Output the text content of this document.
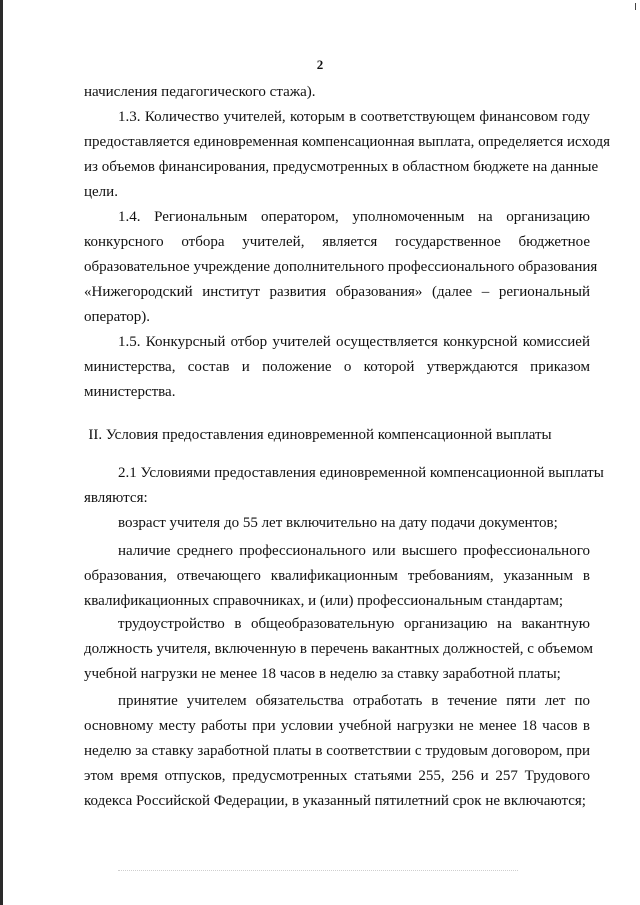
2
начисления педагогического стажа).
1.3. Количество учителей, которым в соответствующем финансовом году
предоставляется единовременная компенсационная выплата, определяется исходя
из объемов финансирования, предусмотренных в областном бюджете на данные
цели.
1.4. Региональным оператором, уполномоченным на организацию
конкурсного отбора учителей, является государственное бюджетное
образовательное учреждение дополнительного профессионального образования
«Нижегородский институт развития образования» (далее – региональный
оператор).
1.5. Конкурсный отбор учителей осуществляется конкурсной комиссией
министерства, состав и положение о которой утверждаются приказом
министерства.
II. Условия предоставления единовременной компенсационной выплаты
2.1 Условиями предоставления единовременной компенсационной выплаты
являются:
возраст учителя до 55 лет включительно на дату подачи документов;
наличие среднего профессионального или высшего профессионального
образования, отвечающего квалификационным требованиям, указанным в
квалификационных справочниках, и (или) профессиональным стандартам;
трудоустройство в общеобразовательную организацию на вакантную
должность учителя, включенную в перечень вакантных должностей, с объемом
учебной нагрузки не менее 18 часов в неделю за ставку заработной платы;
принятие учителем обязательства отработать в течение пяти лет по
основному месту работы при условии учебной нагрузки не менее 18 часов в
неделю за ставку заработной платы в соответствии с трудовым договором, при
этом время отпусков, предусмотренных статьями 255, 256 и 257 Трудового
кодекса Российской Федерации, в указанный пятилетний срок не включаются;
